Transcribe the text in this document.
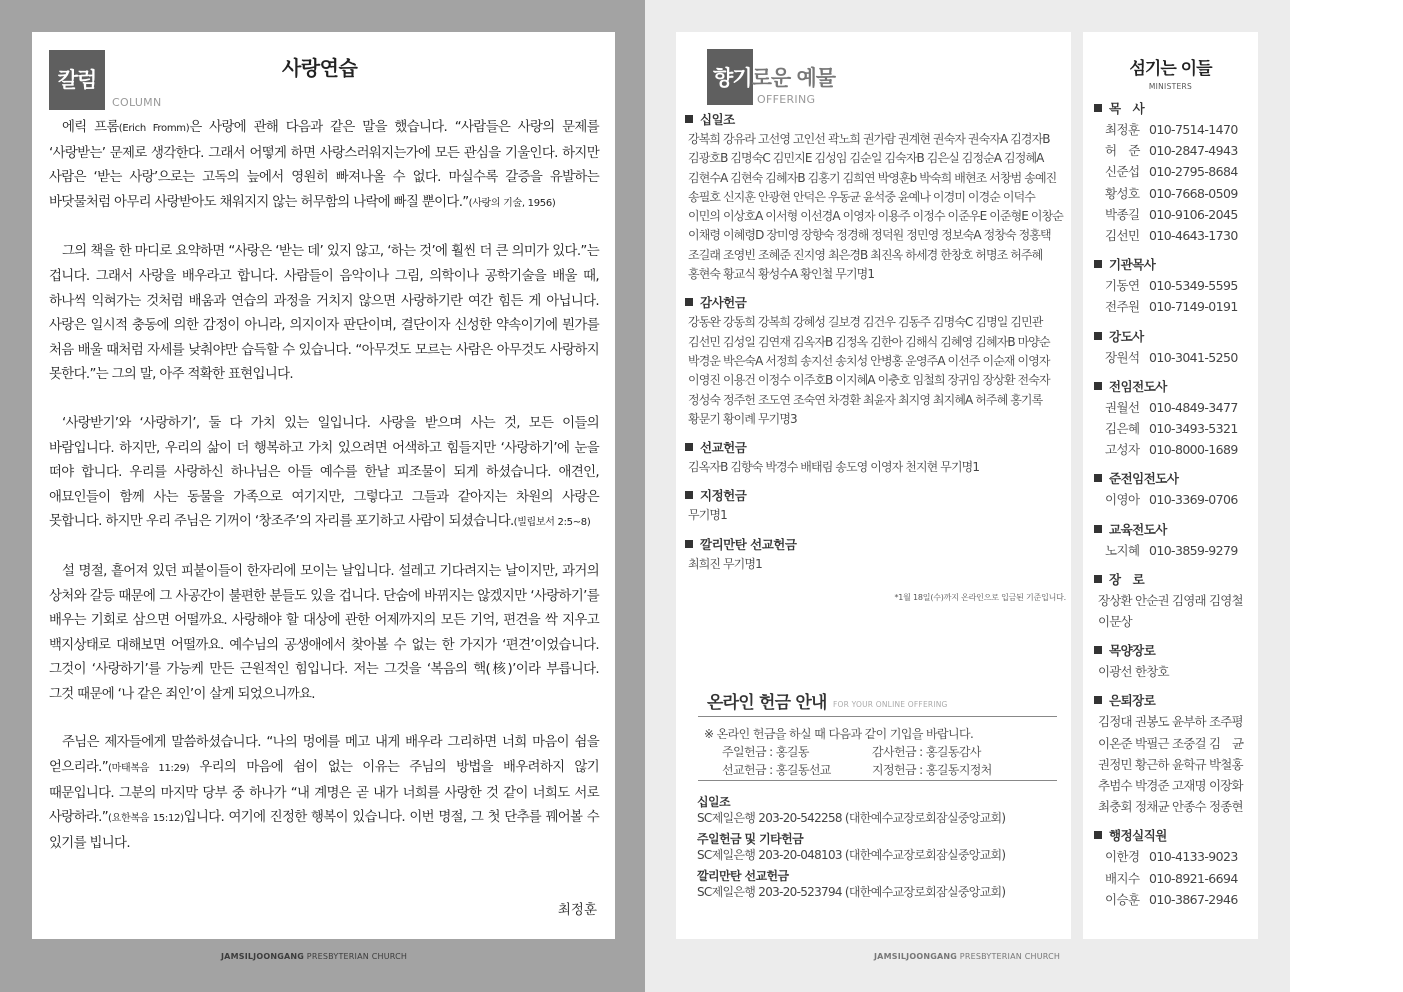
칼럼
COLUMN
사랑연습

에릭 프롬(Erich Fromm)은 사랑에 관해 다음과 같은 말을 했습니다. “사람들은 사랑의 문제를 ‘사랑받는’ 문제로 생각한다. 그래서 어떻게 하면 사랑스러워지는가에 모든 관심을 기울인다. 하지만 사람은 ‘받는 사랑’으로는 고독의 늪에서 영원히 빠져나올 수 없다. 마실수록 갈증을 유발하는 바닷물처럼 아무리 사랑받아도 채워지지 않는 허무함의 나락에 빠질 뿐이다.”(사랑의 기술, 1956)

그의 책을 한 마디로 요약하면 “사랑은 ‘받는 데’ 있지 않고, ‘하는 것’에 훨씬 더 큰 의미가 있다.”는 겁니다. 그래서 사랑을 배우라고 합니다. 사람들이 음악이나 그림, 의학이나 공학기술을 배울 때, 하나씩 익혀가는 것처럼 배움과 연습의 과정을 거치지 않으면 사랑하기란 여간 힘든 게 아닙니다. 사랑은 일시적 충동에 의한 감정이 아니라, 의지이자 판단이며, 결단이자 신성한 약속이기에 뭔가를 처음 배울 때처럼 자세를 낮춰야만 습득할 수 있습니다. “아무것도 모르는 사람은 아무것도 사랑하지 못한다.”는 그의 말, 아주 적확한 표현입니다.

‘사랑받기’와 ‘사랑하기’, 둘 다 가치 있는 일입니다. 사랑을 받으며 사는 것, 모든 이들의 바람입니다. 하지만, 우리의 삶이 더 행복하고 가치 있으려면 어색하고 힘들지만 ‘사랑하기’에 눈을 떠야 합니다. 우리를 사랑하신 하나님은 아들 예수를 한낱 피조물이 되게 하셨습니다. 애견인, 애묘인들이 함께 사는 동물을 가족으로 여기지만, 그렇다고 그들과 같아지는 차원의 사랑은 못합니다. 하지만 우리 주님은 기꺼이 ‘창조주’의 자리를 포기하고 사람이 되셨습니다.(빌립보서 2:5~8)

설 명절, 흩어져 있던 피붙이들이 한자리에 모이는 날입니다. 설레고 기다려지는 날이지만, 과거의 상처와 갈등 때문에 그 사공간이 불편한 분들도 있을 겁니다. 단숨에 바뀌지는 않겠지만 ‘사랑하기’를 배우는 기회로 삼으면 어떨까요. 사랑해야 할 대상에 관한 어제까지의 모든 기억, 편견을 싹 지우고 백지상태로 대해보면 어떨까요. 예수님의 공생애에서 찾아볼 수 없는 한 가지가 ‘편견’이었습니다. 그것이 ‘사랑하기’를 가능케 만든 근원적인 힘입니다. 저는 그것을 ‘복음의 핵(核)’이라 부릅니다. 그것 때문에 ‘나 같은 죄인’이 살게 되었으니까요.

주님은 제자들에게 말씀하셨습니다. “나의 멍에를 메고 내게 배우라 그리하면 너희 마음이 쉼을 얻으리라.”(마태복음 11:29) 우리의 마음에 쉼이 없는 이유는 주님의 방법을 배우려하지 않기 때문입니다. 그분의 마지막 당부 중 하나가 “내 계명은 곧 내가 너희를 사랑한 것 같이 너희도 서로 사랑하라.”(요한복음 15:12)입니다. 여기에 진정한 행복이 있습니다. 이번 명절, 그 첫 단추를 꿰어볼 수 있기를 빕니다.

최정훈
향기로운 예물
OFFERING
십일조
강복희 강유라 고선영 고인선 곽노희 권가람 권계현 권숙자 권숙자A 김경자B 김광호B 김명숙C 김민지E 김성임 김순일 김숙자B 김은실 김정순A 김정혜A 김현수A 김현숙 김혜자B 김홍기 김희연 박영훈b 박숙희 배현조 서창범 송예진 송필호 신지훈 안광현 안덕은 우동균 윤석중 윤예나 이경미 이경순 이덕수 이민의 이상호A 이서형 이선경A 이영자 이용주 이정수 이준우E 이준형E 이창순 이채령 이혜령D 장미영 장향숙 정경해 정덕원 정민영 정보숙A 정창숙 정홍택 조길래 조영빈 조혜준 진지영 최은경B 최진옥 하세경 한창호 허명조 허주혜 홍현숙 황교식 황성수A 황인철 무기명1
감사헌금
강동완 강동희 강복희 강혜성 길보경 김건우 김동주 김명숙C 김명일 김민관 김선민 김성일 김연재 김옥자B 김정옥 김한아 김해식 김혜영 김혜자B 마양순 박경운 박은숙A 서정희 송지선 송치성 안병홍 운영주A 이선주 이순재 이영자 이영진 이용건 이정수 이주호B 이지혜A 이충호 임철희 장귀임 장상환 전숙자 정성숙 정주헌 조도연 조숙연 차경환 최윤자 최지영 최지혜A 허주혜 홍기록 황문기 황이례 무기명3
선교헌금
김옥자B 김향숙 박경수 배태림 송도영 이영자 천지현 무기명1
지정헌금
무기명1
깔리만탄 선교헌금
최희진 무기명1
*1월 18일(수)까지 온라인으로 입금된 기준입니다.
온라인 헌금 안내 FOR YOUR ONLINE OFFERING
※ 온라인 헌금을 하실 때 다음과 같이 기입을 바랍니다.
주일헌금 : 홍길동	감사헌금 : 홍길동감사
선교헌금 : 홍길동선교	지정헌금 : 홍길동지정처
십일조
SC제일은행 203-20-542258 (대한예수교장로회잠실중앙교회)
주일헌금 및 기타헌금
SC제일은행 203-20-048103 (대한예수교장로회잠실중앙교회)
깔리만탄 선교헌금
SC제일은행 203-20-523794 (대한예수교장로회잠실중앙교회)
섬기는 이들
MINISTERS
목　사
최정훈 010-7514-1470
허　준 010-2847-4943
신준섭 010-2795-8684
황성호 010-7668-0509
박종길 010-9106-2045
김선민 010-4643-1730
기관목사
기동연 010-5349-5595
전주원 010-7149-0191
강도사
장원석 010-3041-5250
전임전도사
권월선 010-4849-3477
김은혜 010-3493-5321
고성자 010-8000-1689
준전임전도사
이영아 010-3369-0706
교육전도사
노지혜 010-3859-9279
장　로
장상환 안순권 김영래 김영철 이문상
목양장로
이광선 한창호
은퇴장로
김정대 권봉도 윤부하 조주평 이온준 박필근 조중걸 김　균 권정민 황근하 윤학규 박철홍 추범수 박경준 고재명 이장화 최충회 정채균 안종수 정종현
행정실직원
이한경 010-4133-9023
배지수 010-8921-6694
이승훈 010-3867-2946
JAMSILJOONGANG PRESBYTERIAN CHURCH	JAMSILJOONGANG PRESBYTERIAN CHURCH
